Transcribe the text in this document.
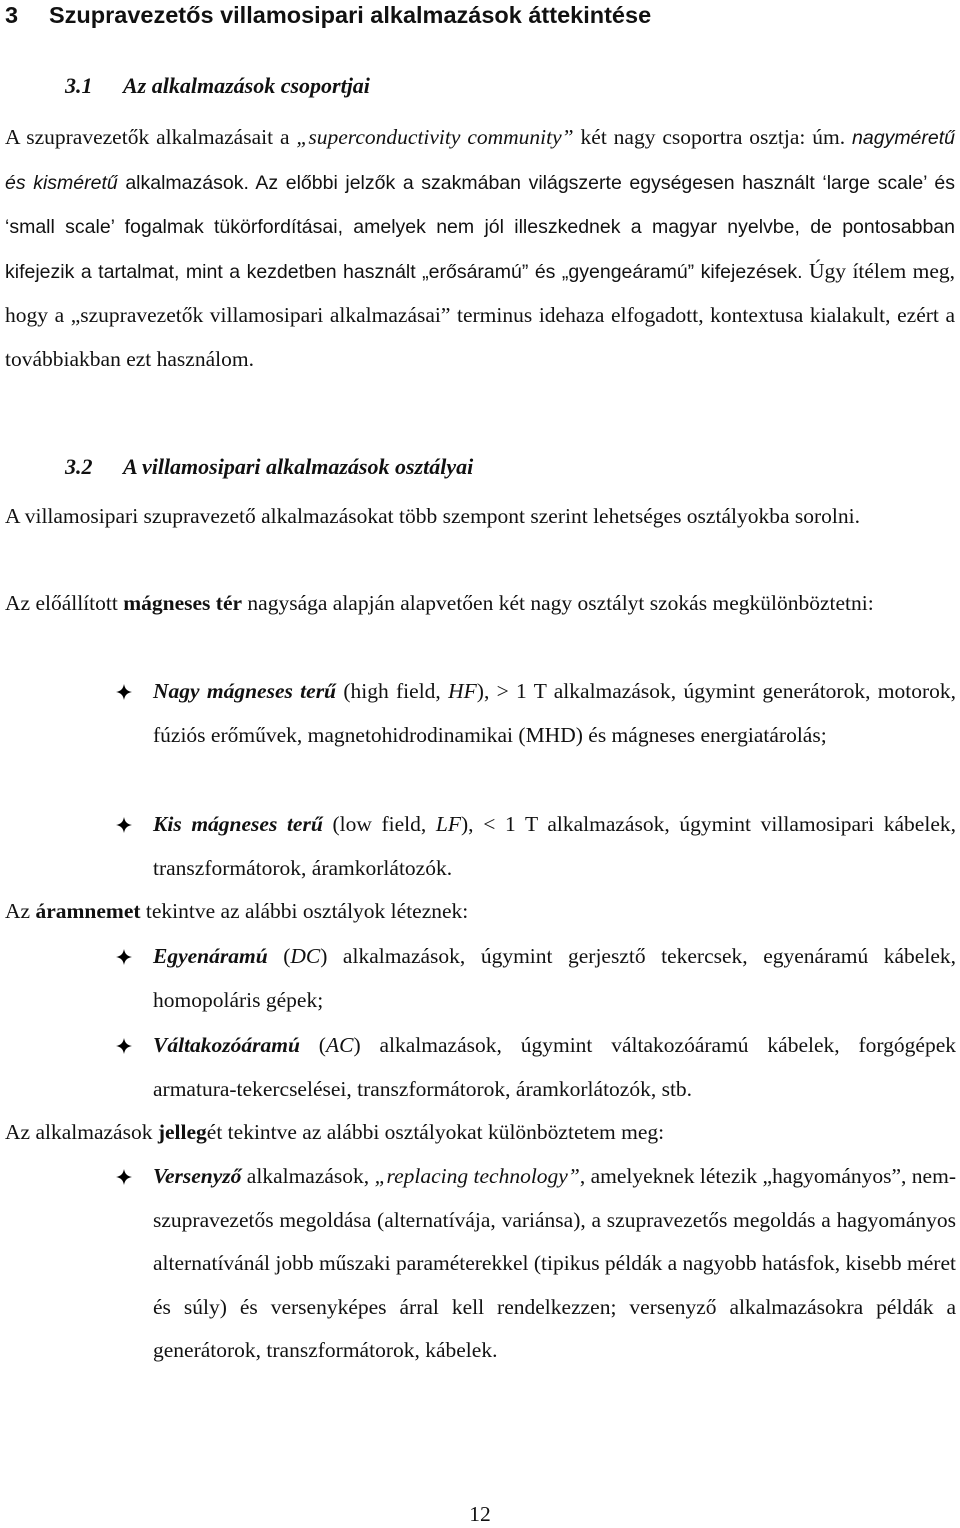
3 Szupravezetős villamosipari alkalmazások áttekintése
3.1 Az alkalmazások csoportjai
A szupravezetők alkalmazásait a „superconductivity community” két nagy csoportra osztja: úm. nagyméretű és kisméretű alkalmazások. Az előbbi jelzők a szakmában világszerte egységesen használt ‘large scale’ és ‘small scale’ fogalmak tükörfordításai, amelyek nem jól illeszkednek a magyar nyelvbe, de pontosabban kifejezik a tartalmat, mint a kezdetben használt „erősáramú” és „gyengeáramú” kifejezések. Úgy ítélem meg, hogy a „szupravezetők villamosipari alkalmazásai” terminus idehaza elfogadott, kontextusa kialakult, ezért a továbbiakban ezt használom.
3.2 A villamosipari alkalmazások osztályai
A villamosipari szupravezető alkalmazásokat több szempont szerint lehetséges osztályokba sorolni.
Az előállított mágneses tér nagysága alapján alapvetően két nagy osztályt szokás megkülönböztetni:
Nagy mágneses terű (high field, HF), > 1 T alkalmazások, úgymint generátorok, motorok, fúziós erőművek, magnetohidrodinamikai (MHD) és mágneses energiatárolás;
Kis mágneses terű (low field, LF), < 1 T alkalmazások, úgymint villamosipari kábelek, transzformátorok, áramkorlátozók.
Az áramnemet tekintve az alábbi osztályok léteznek:
Egyenáramú (DC) alkalmazások, úgymint gerjesztő tekercsek, egyenáramú kábelek, homopoláris gépek;
Váltakozóáramú (AC) alkalmazások, úgymint váltakozóáramú kábelek, forgógépek armatura-tekercselései, transzformátorok, áramkorlátozók, stb.
Az alkalmazások jellegét tekintve az alábbi osztályokat különböztetem meg:
Versenyző alkalmazások, „replacing technology”, amelyeknek létezik „hagyományos”, nem-szupravezetős megoldása (alternatívája, variánsa), a szupravezetős megoldás a hagyományos alternatívánál jobb műszaki paraméterekkel (tipikus példák a nagyobb hatásfok, kisebb méret és súly) és versenyképes árral kell rendelkezzen; versenyző alkalmazásokra példák a generátorok, transzformátorok, kábelek.
12
